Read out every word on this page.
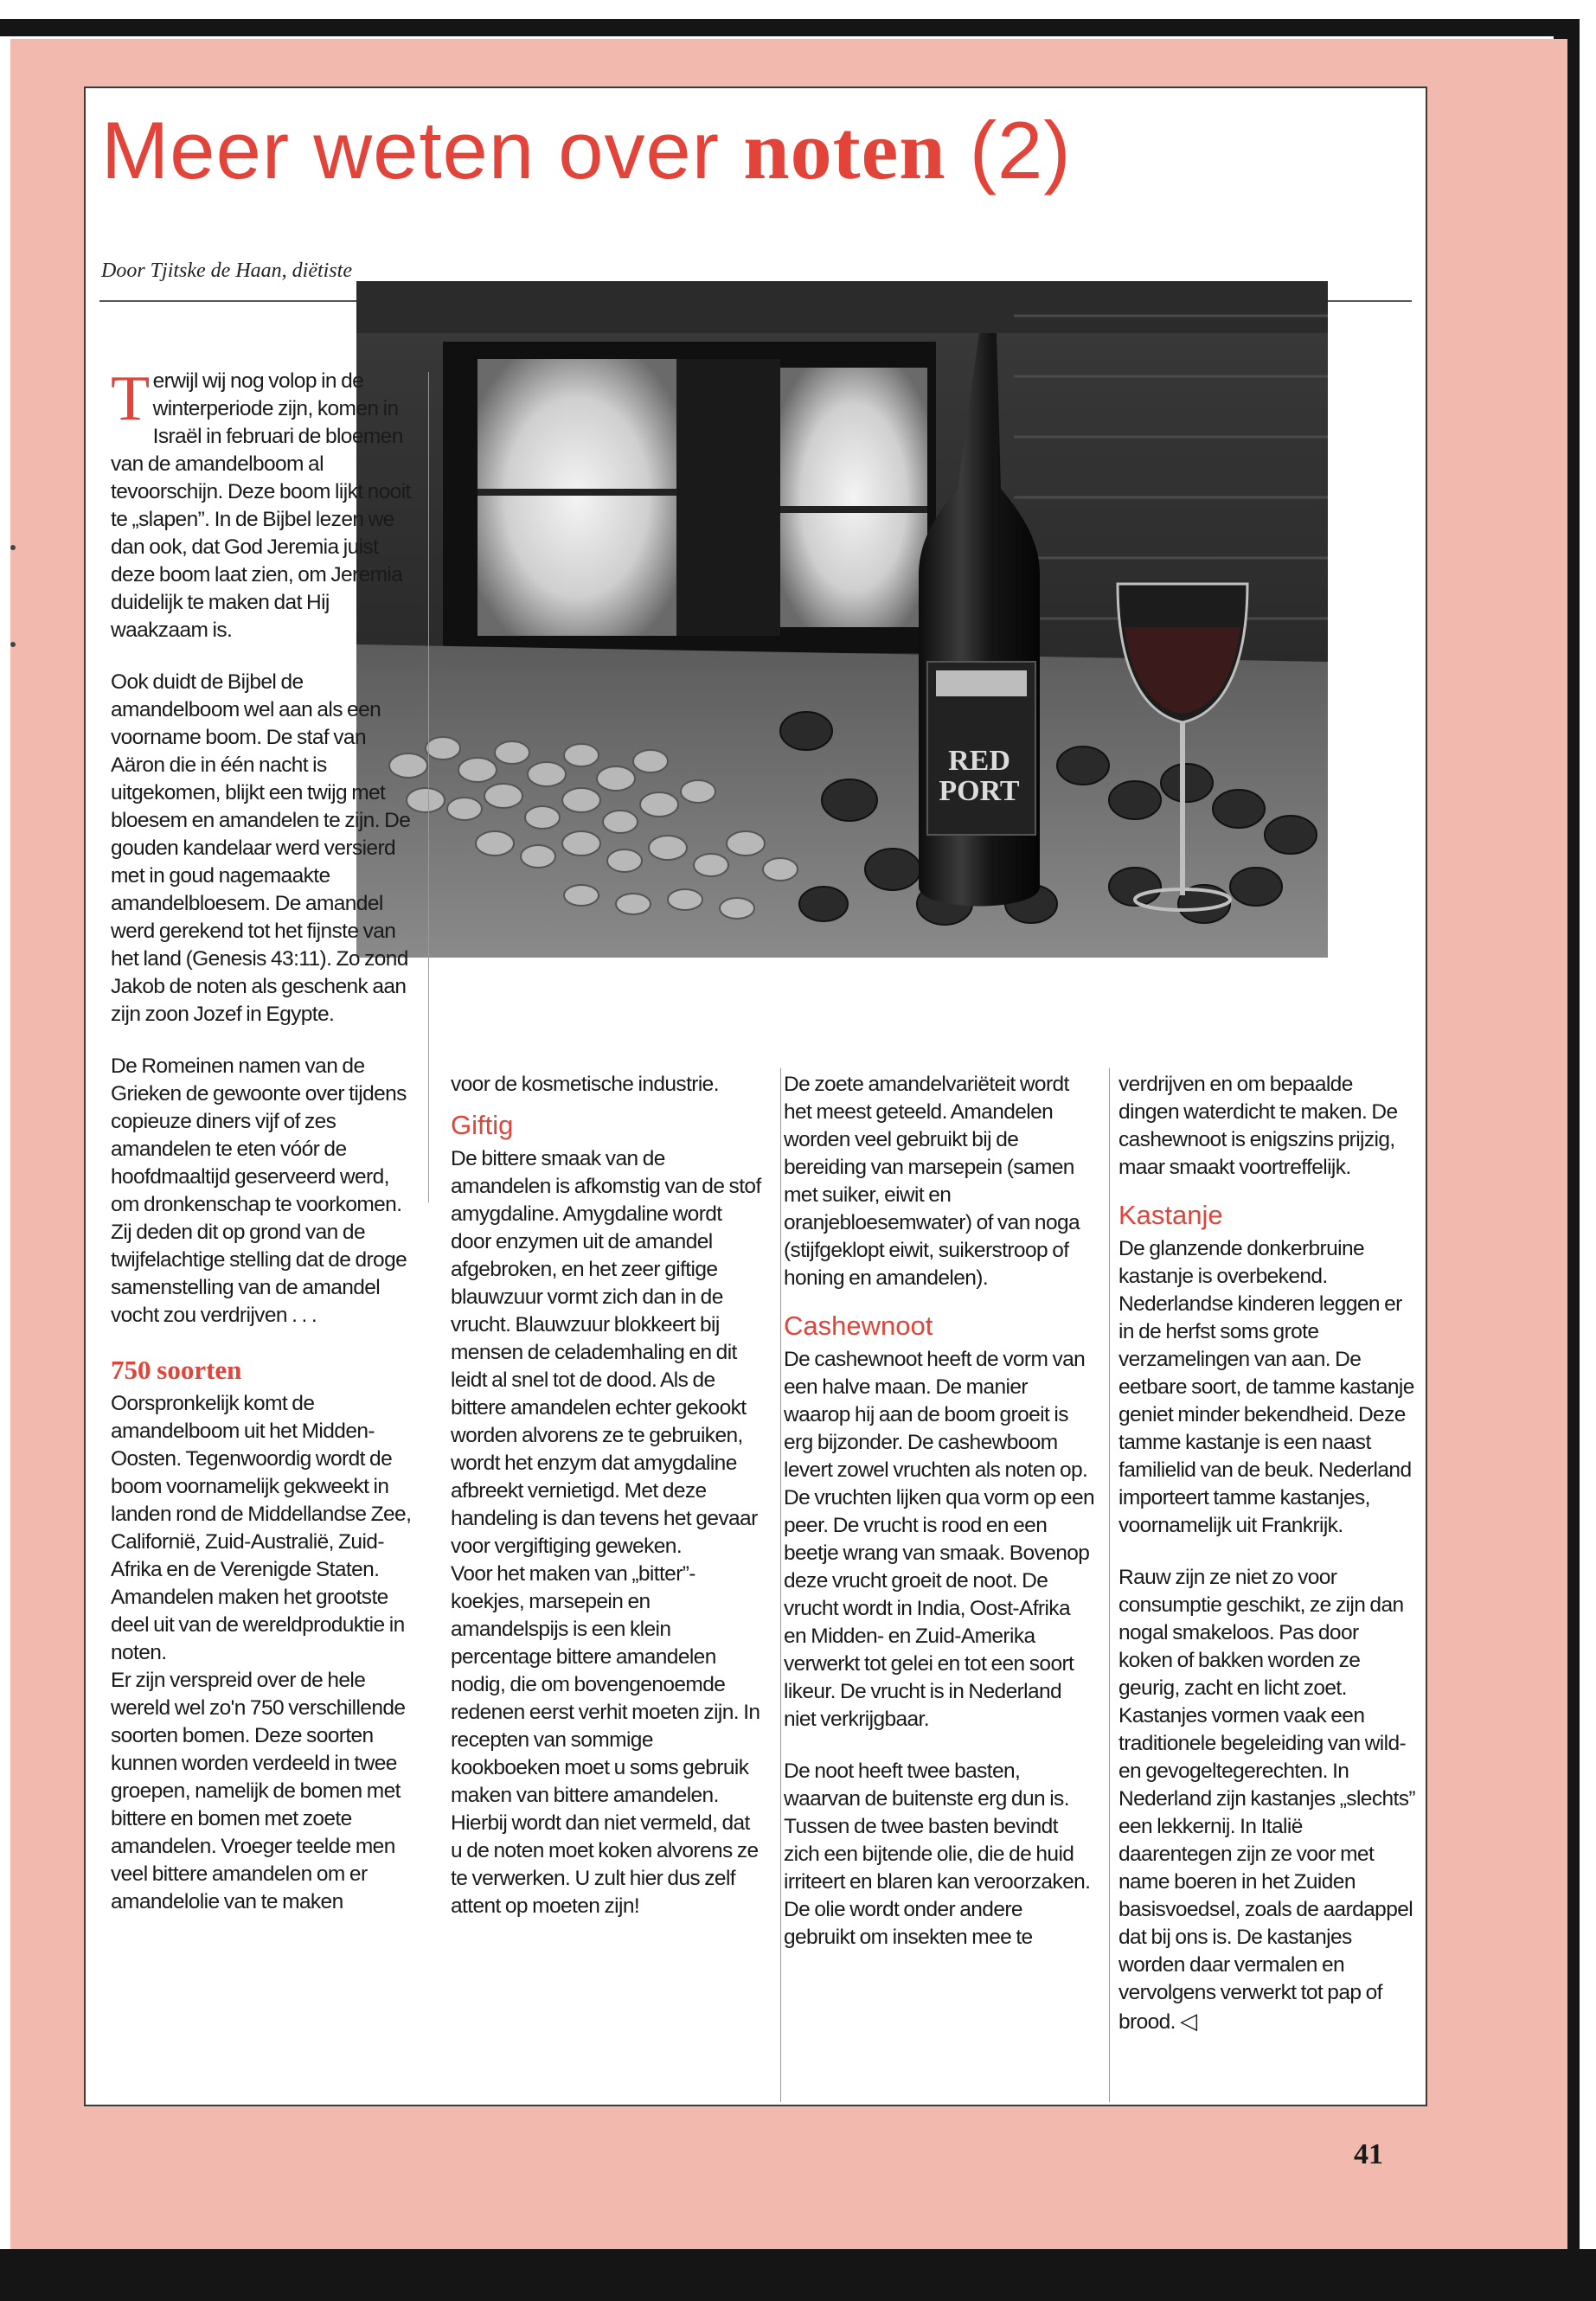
Meer weten over noten (2)
Door Tjitske de Haan, diëtiste
RED
PORT

Terwijl wij nog volop in de winterperiode zijn, komen in Israël in februari de bloemen van de amandelboom al tevoorschijn. Deze boom lijkt nooit te „slapen”. In de Bijbel lezen we dan ook, dat God Jeremia juist deze boom laat zien, om Jeremia duidelijk te maken dat Hij waakzaam is.

Ook duidt de Bijbel de amandelboom wel aan als een voorname boom. De staf van Aäron die in één nacht is uitgekomen, blijkt een twijg met bloesem en amandelen te zijn. De gouden kandelaar werd versierd met in goud nagemaakte amandelbloesem. De amandel werd gerekend tot het fijnste van het land (Genesis 43:11). Zo zond Jakob de noten als geschenk aan zijn zoon Jozef in Egypte.

De Romeinen namen van de Grieken de gewoonte over tijdens copieuze diners vijf of zes amandelen te eten vóór de hoofdmaaltijd geserveerd werd, om dronkenschap te voorkomen. Zij deden dit op grond van de twijfelachtige stelling dat de droge samenstelling van de amandel vocht zou verdrijven . . .

750 soorten

Oorspronkelijk komt de amandelboom uit het Midden-Oosten. Tegenwoordig wordt de boom voornamelijk gekweekt in landen rond de Middellandse Zee, Californië, Zuid-Australië, Zuid-Afrika en de Verenigde Staten. Amandelen maken het grootste deel uit van de wereldproduktie in noten.

Er zijn verspreid over de hele wereld wel zo'n 750 verschillende soorten bomen. Deze soorten kunnen worden verdeeld in twee groepen, namelijk de bomen met bittere en bomen met zoete amandelen. Vroeger teelde men veel bittere amandelen om er amandelolie van te maken

voor de kosmetische industrie.

Giftig

De bittere smaak van de amandelen is afkomstig van de stof amygdaline. Amygdaline wordt door enzymen uit de amandel afgebroken, en het zeer giftige blauwzuur vormt zich dan in de vrucht. Blauwzuur blokkeert bij mensen de celademhaling en dit leidt al snel tot de dood. Als de bittere amandelen echter gekookt worden alvorens ze te gebruiken, wordt het enzym dat amygdaline afbreekt vernietigd. Met deze handeling is dan tevens het gevaar voor vergiftiging geweken.

Voor het maken van „bitter”-koekjes, marsepein en amandelspijs is een klein percentage bittere amandelen nodig, die om bovengenoemde redenen eerst verhit moeten zijn. In recepten van sommige kookboeken moet u soms gebruik maken van bittere amandelen. Hierbij wordt dan niet vermeld, dat u de noten moet koken alvorens ze te verwerken. U zult hier dus zelf attent op moeten zijn!

De zoete amandelvariëteit wordt het meest geteeld. Amandelen worden veel gebruikt bij de bereiding van marsepein (samen met suiker, eiwit en oranjebloesemwater) of van noga (stijfgeklopt eiwit, suikerstroop of honing en amandelen).

Cashewnoot

De cashewnoot heeft de vorm van een halve maan. De manier waarop hij aan de boom groeit is erg bijzonder. De cashewboom levert zowel vruchten als noten op. De vruchten lijken qua vorm op een peer. De vrucht is rood en een beetje wrang van smaak. Bovenop deze vrucht groeit de noot. De vrucht wordt in India, Oost-Afrika en Midden- en Zuid-Amerika verwerkt tot gelei en tot een soort likeur. De vrucht is in Nederland niet verkrijgbaar.

De noot heeft twee basten, waarvan de buitenste erg dun is. Tussen de twee basten bevindt zich een bijtende olie, die de huid irriteert en blaren kan veroorzaken. De olie wordt onder andere gebruikt om insekten mee te

verdrijven en om bepaalde dingen waterdicht te maken. De cashewnoot is enigszins prijzig, maar smaakt voortreffelijk.

Kastanje

De glanzende donkerbruine kastanje is overbekend. Nederlandse kinderen leggen er in de herfst soms grote verzamelingen van aan. De eetbare soort, de tamme kastanje geniet minder bekendheid. Deze tamme kastanje is een naast familielid van de beuk. Nederland importeert tamme kastanjes, voornamelijk uit Frankrijk.

Rauw zijn ze niet zo voor consumptie geschikt, ze zijn dan nogal smakeloos. Pas door koken of bakken worden ze geurig, zacht en licht zoet. Kastanjes vormen vaak een traditionele begeleiding van wild- en gevogeltegerechten. In Nederland zijn kastanjes „slechts” een lekkernij. In Italië daarentegen zijn ze voor met name boeren in het Zuiden basisvoedsel, zoals de aardappel dat bij ons is. De kastanjes worden daar vermalen en vervolgens verwerkt tot pap of brood. ◁

41
